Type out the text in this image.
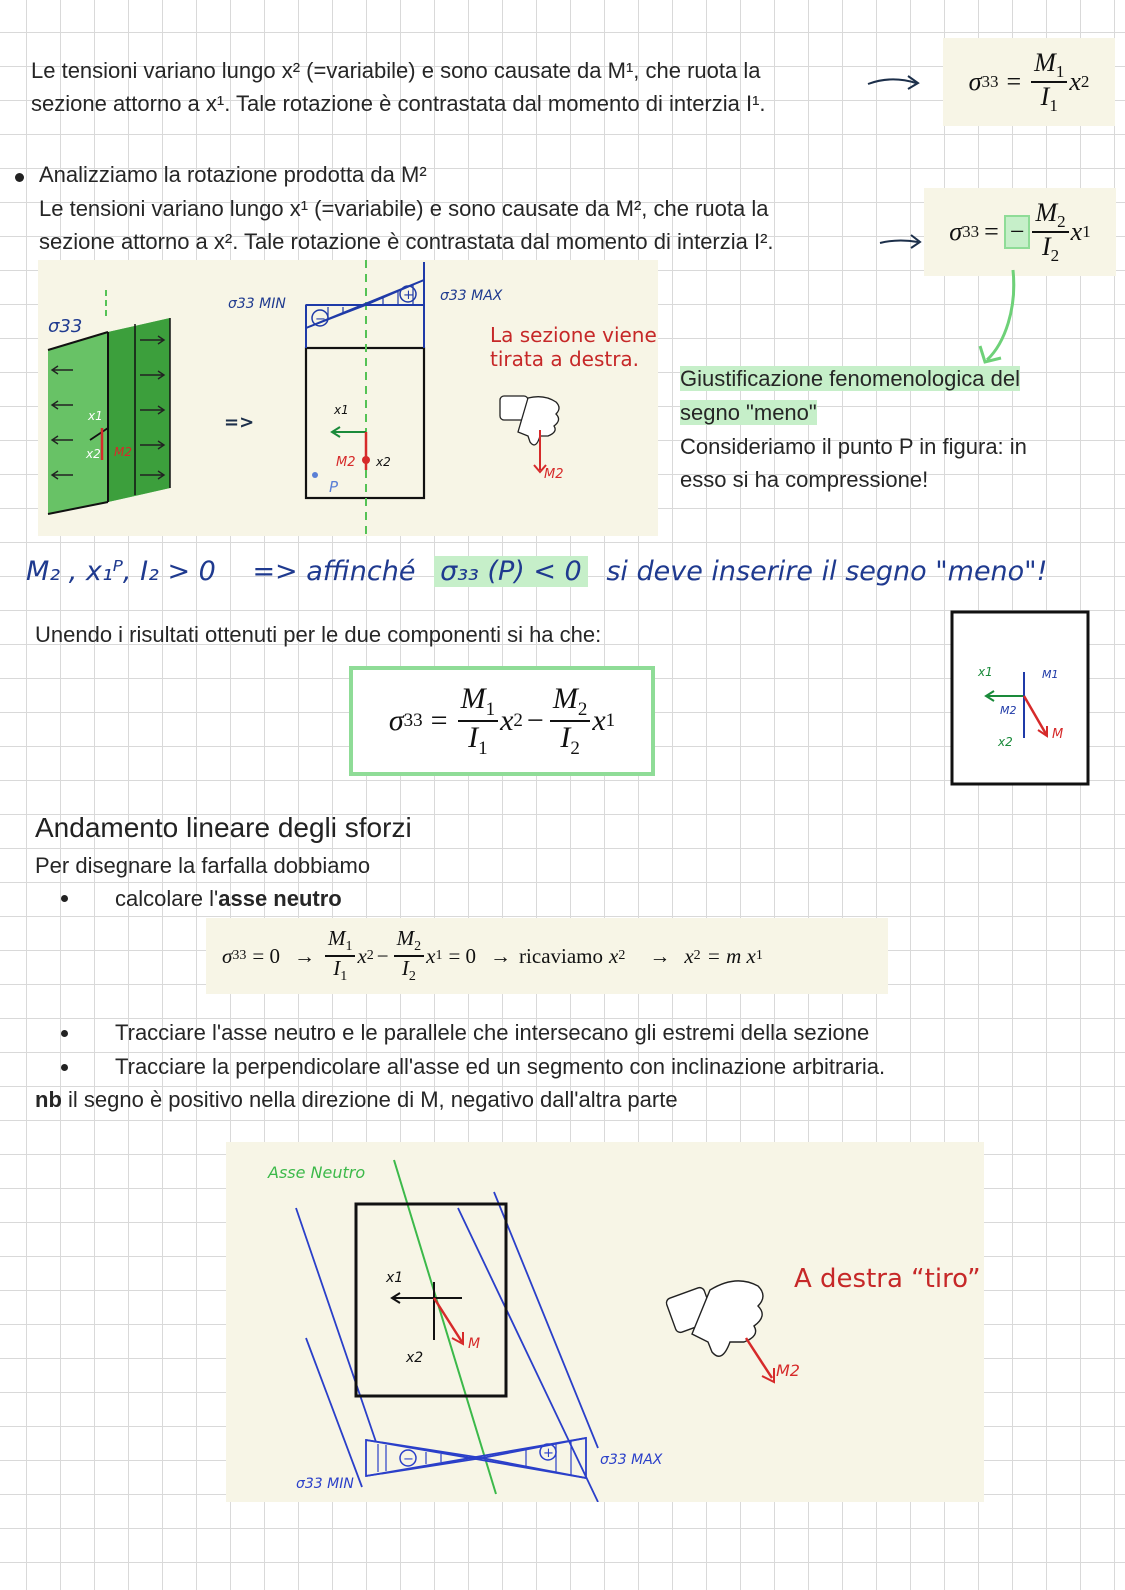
Le tensioni variano lungo x² (=variabile) e sono causate da M¹, che ruota la
sezione attorno a x¹. Tale rotazione è contrastata dal momento di interzia I¹.
σ $33 = \frac{M_1}{I_1}$ x 2
Analizziamo la rotazione prodotta da M²
Le tensioni variano lungo x¹ (=variabile) e sono causate da M², che ruota la
sezione attorno a x². Tale rotazione è contrastata dal momento di interzia I².	σ 33 = − $\frac{M_2}{I_2}$ x 1
σ33
x1
x2 M2
=>
−
+
σ33 MIN	σ33 MAX
x1
M2 x2
P
La sezione viene
tirata a destra.
M2
Giustificazione fenomenologica del
segno "meno"
Consideriamo il punto P in figura: in
esso si ha compressione!
M₂ , x₁ᴾ, I₂ > 0 => affinché σ₃₃ (P) < 0 si deve inserire il segno "meno"!
Unendo i risultati ottenuti per le due componenti si ha che:
σ $33 = \frac{M_1}{I_1}$ x $2 - \frac{M_2}{I_2}$ x 1
x1	M1
M2
x2	M
Andamento lineare degli sforzi
Per disegnare la farfalla dobbiamo
calcolare l'asse neutro
σ $33 = 0 \to \frac{M_1}{I_1}$ x $2 - \frac{M_2}{I_2}$ x 1 = 0 → ricaviamo x 2 → x 2 = m x 1
Tracciare l'asse neutro e le parallele che intersecano gli estremi della sezione
Tracciare la perpendicolare all'asse ed un segmento con inclinazione arbitraria.
nb il segno è positivo nella direzione di M, negativo dall'altra parte
−	+
x1
x2
M
Asse Neutro
σ33 MIN
σ33 MAX
M2
A destra “tiro”
